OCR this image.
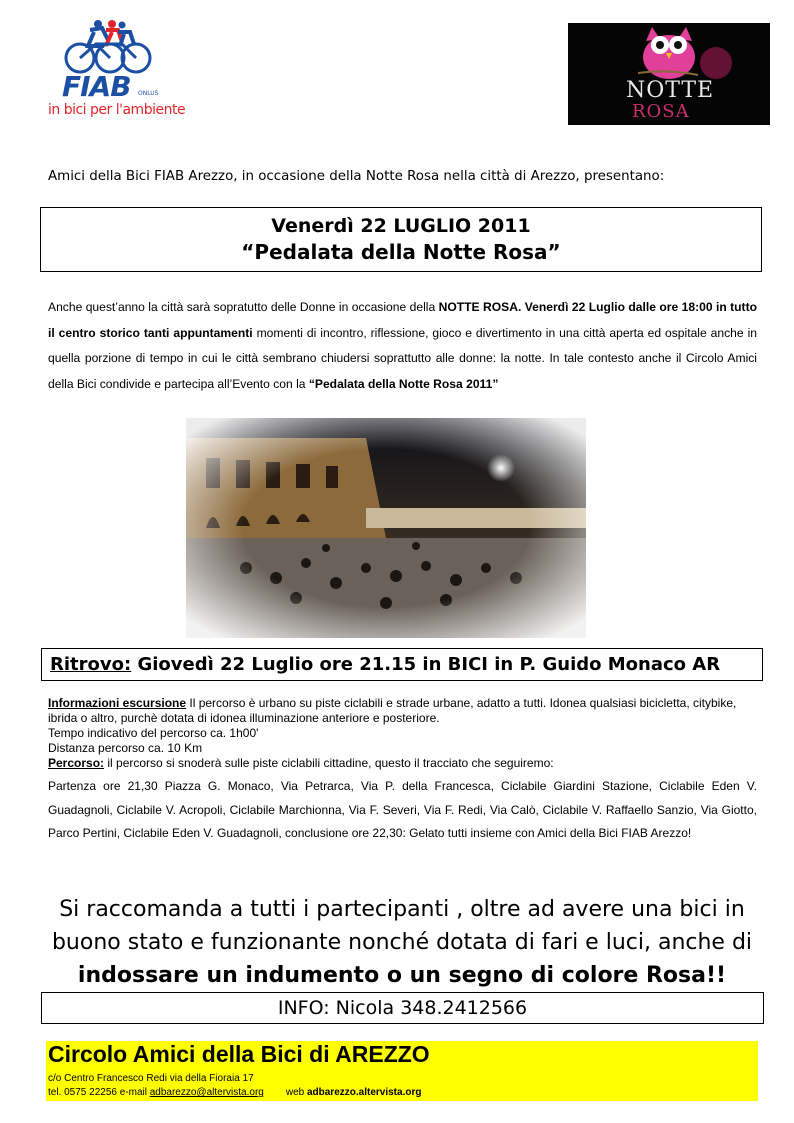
FIAB ONLUS
in bici per l'ambiente
NOTTE
ROSA
Amici della Bici FIAB Arezzo, in occasione della Notte Rosa nella città di Arezzo, presentano:
Venerdì 22 LUGLIO 2011
“Pedalata della Notte Rosa”
Anche quest’anno la città sarà sopratutto delle Donne in occasione della NOTTE ROSA. Venerdì 22 Luglio dalle ore 18:00 in tutto il centro storico tanti appuntamenti momenti di incontro, riflessione, gioco e divertimento in una città aperta ed ospitale anche in quella porzione di tempo in cui le città sembrano chiudersi soprattutto alle donne: la notte. In tale contesto anche il Circolo Amici della Bici condivide e partecipa all’Evento con la “Pedalata della Notte Rosa 2011”
Ritrovo: Giovedì 22 Luglio ore 21.15 in BICI in P. Guido Monaco AR
Informazioni escursione Il percorso è urbano su piste ciclabili e strade urbane, adatto a tutti. Idonea qualsiasi bicicletta, citybike, ibrida o altro, purchè dotata di idonea illuminazione anteriore e posteriore.
Tempo indicativo del percorso ca. 1h00'
Distanza percorso ca. 10 Km
Percorso: il percorso si snoderà sulle piste ciclabili cittadine, questo il tracciato che seguiremo:
Partenza ore 21,30 Piazza G. Monaco, Via Petrarca, Via P. della Francesca, Ciclabile Giardini Stazione, Ciclabile Eden V. Guadagnoli, Ciclabile V. Acropoli, Ciclabile Marchionna, Via F. Severi, Via F. Redi, Via Calò, Ciclabile V. Raffaello Sanzio, Via Giotto, Parco Pertini, Ciclabile Eden V. Guadagnoli, conclusione ore 22,30: Gelato tutti insieme con Amici della Bici FIAB Arezzo!
Si raccomanda a tutti i partecipanti , oltre ad avere una bici in
buono stato e funzionante nonché dotata di fari e luci, anche di
indossare un indumento o un segno di colore Rosa!!
INFO: Nicola 348.2412566
Circolo Amici della Bici di AREZZO
c/o Centro Francesco Redi via della Fioraia 17
tel. 0575 22256 e-mail adbarezzo@altervista.org web adbarezzo.altervista.org
